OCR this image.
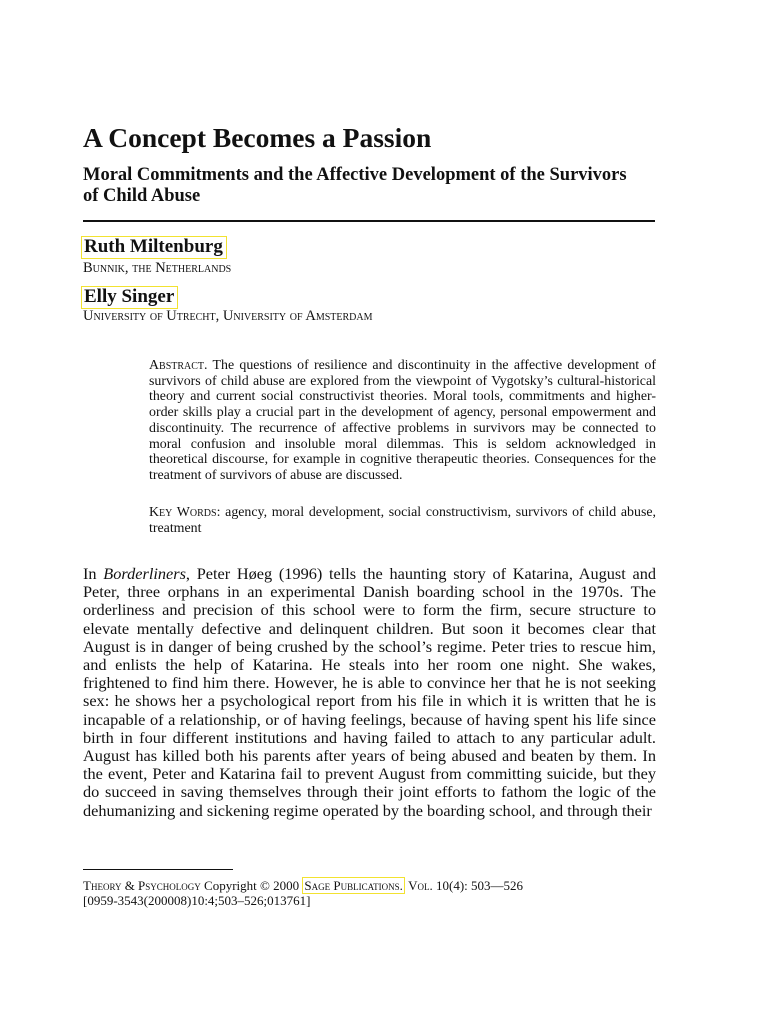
A Concept Becomes a Passion
Moral Commitments and the Affective Development of the Survivors of Child Abuse
Ruth Miltenburg
Bunnik, the Netherlands
Elly Singer
University of Utrecht, University of Amsterdam
Abstract. The questions of resilience and discontinuity in the affective development of survivors of child abuse are explored from the viewpoint of Vygotsky’s cultural-historical theory and current social constructivist theories. Moral tools, commitments and higher-order skills play a crucial part in the development of agency, personal empowerment and discontinuity. The recurrence of affective problems in survivors may be connected to moral confusion and insoluble moral dilemmas. This is seldom acknowledged in theoretical discourse, for example in cognitive therapeutic theories. Consequences for the treatment of survivors of abuse are discussed.
Key Words: agency, moral development, social constructivism, survivors of child abuse, treatment
In Borderliners, Peter Høeg (1996) tells the haunting story of Katarina, August and Peter, three orphans in an experimental Danish boarding school in the 1970s. The orderliness and precision of this school were to form the firm, secure structure to elevate mentally defective and delinquent children. But soon it becomes clear that August is in danger of being crushed by the school’s regime. Peter tries to rescue him, and enlists the help of Katarina. He steals into her room one night. She wakes, frightened to find him there. However, he is able to convince her that he is not seeking sex: he shows her a psychological report from his file in which it is written that he is incapable of a relationship, or of having feelings, because of having spent his life since birth in four different institutions and having failed to attach to any particular adult. August has killed both his parents after years of being abused and beaten by them. In the event, Peter and Katarina fail to prevent August from committing suicide, but they do succeed in saving themselves through their joint efforts to fathom the logic of the dehumanizing and sickening regime operated by the boarding school, and through their
Theory & Psychology Copyright © 2000 Sage Publications. Vol. 10(4): 503—526
[0959-3543(200008)10:4;503–526;013761]
